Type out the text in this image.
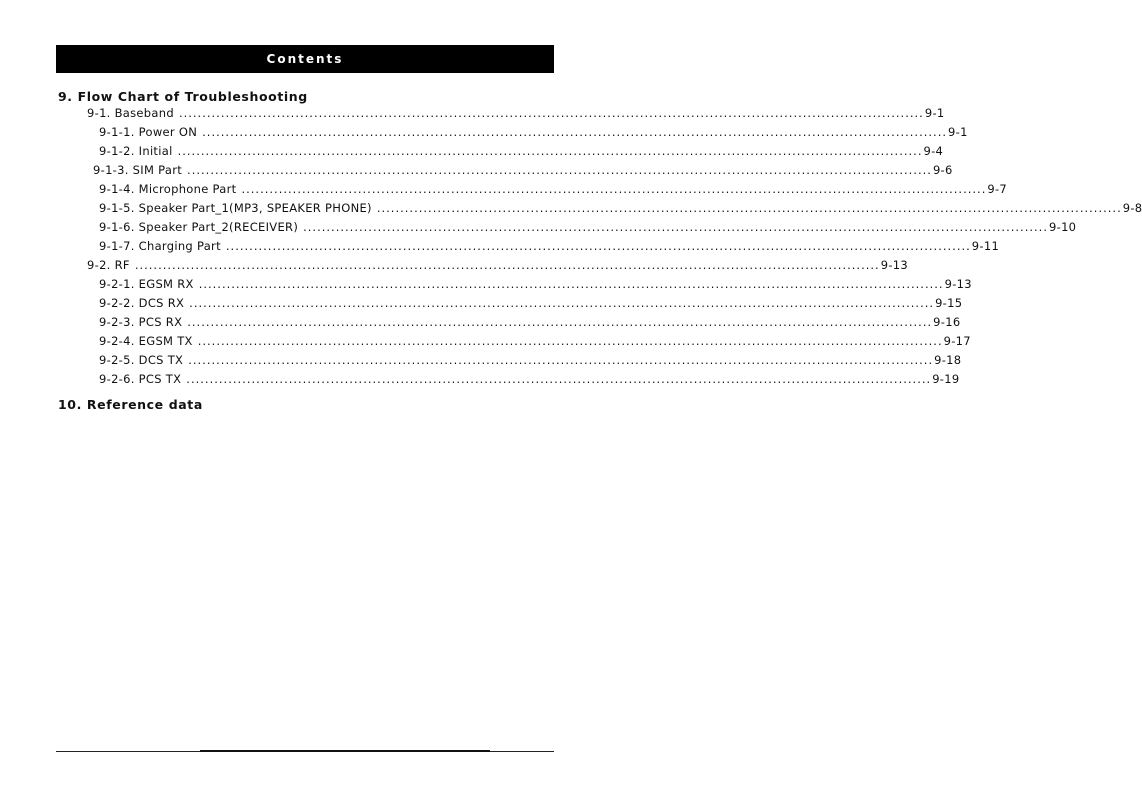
Contents
9. Flow Chart of Troubleshooting
9-1. Baseband ................................................................................................................................................................ 9-1
9-1-1. Power ON ................................................................................................................................................................ 9-1
9-1-2. Initial ................................................................................................................................................................ 9-4
9-1-3. SIM Part ................................................................................................................................................................ 9-6
9-1-4. Microphone Part ................................................................................................................................................................ 9-7
9-1-5. Speaker Part_1(MP3, SPEAKER PHONE) ................................................................................................................................................................ 9-8
9-1-6. Speaker Part_2(RECEIVER) ................................................................................................................................................................ 9-10
9-1-7. Charging Part ................................................................................................................................................................ 9-11
9-2. RF ................................................................................................................................................................ 9-13
9-2-1. EGSM RX ................................................................................................................................................................ 9-13
9-2-2. DCS RX ................................................................................................................................................................ 9-15
9-2-3. PCS RX ................................................................................................................................................................ 9-16
9-2-4. EGSM TX ................................................................................................................................................................ 9-17
9-2-5. DCS TX ................................................................................................................................................................ 9-18
9-2-6. PCS TX ................................................................................................................................................................ 9-19
10. Reference data
